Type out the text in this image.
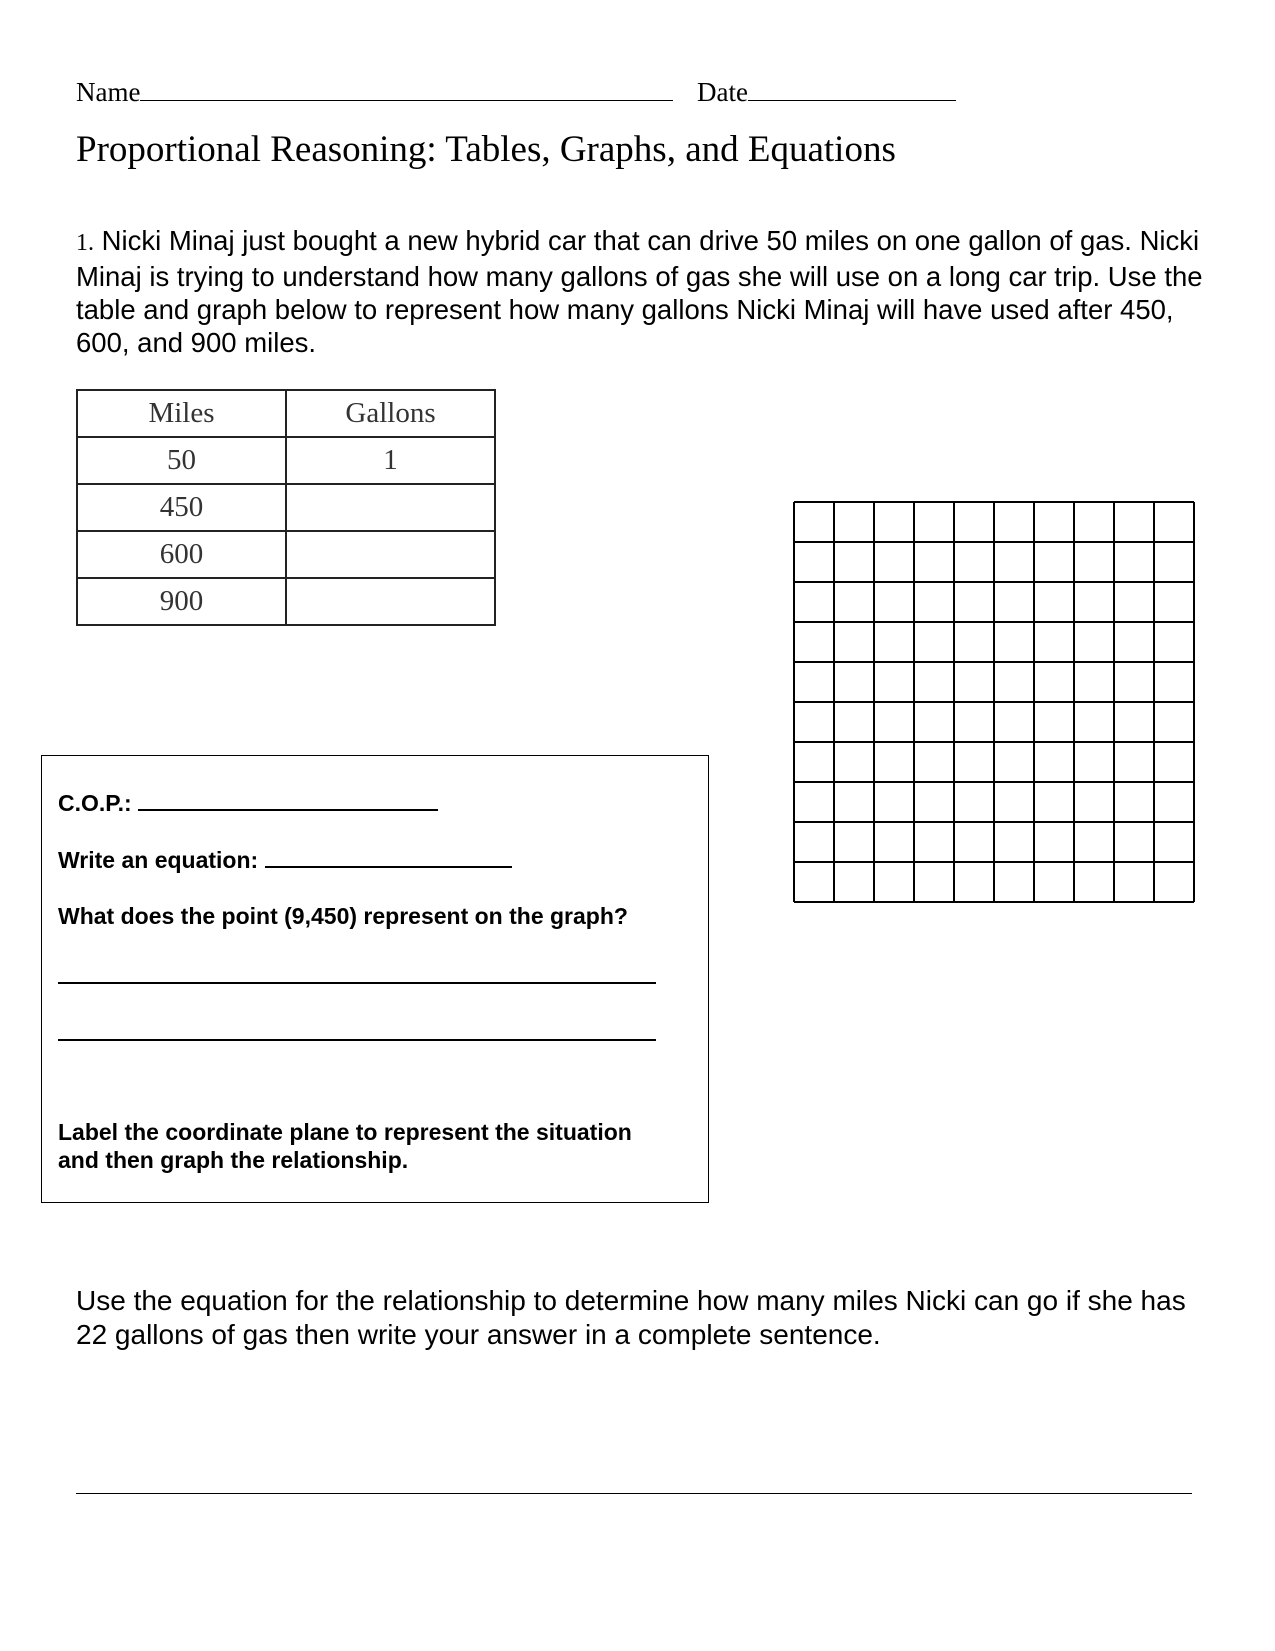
Name	Date
Proportional Reasoning: Tables, Graphs, and Equations
1. Nicki Minaj just bought a new hybrid car that can drive 50 miles on one gallon of gas. Nicki Minaj is trying to understand how many gallons of gas she will use on a long car trip. Use the table and graph below to represent how many gallons Nicki Minaj will have used after 450, 600, and 900 miles.
Miles	Gallons
50	1
450	
600	
900	
C.O.P.:
Write an equation:
What does the point (9,450) represent on the graph?
Label the coordinate plane to represent the situation
and then graph the relationship.
Use the equation for the relationship to determine how many miles Nicki can go if she has 22 gallons of gas then write your answer in a complete sentence.
